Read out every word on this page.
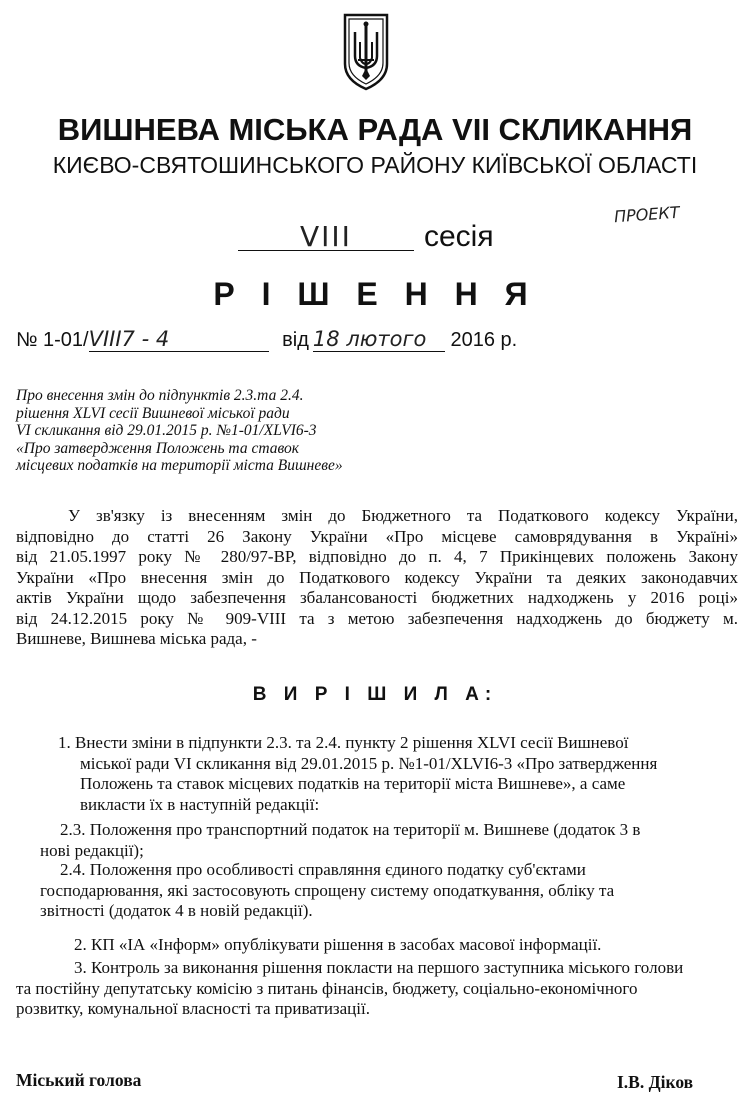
ВИШНЕВА МІСЬКА РАДА VII СКЛИКАННЯ
КИЄВО-СВЯТОШИНСЬКОГО РАЙОНУ КИЇВСЬКОЇ ОБЛАСТІ
ПРОЕКТ
VIII сесія
Р І Ш Е Н Н Я
№ 1-01/VIII7 - 4	від 18 лютого 2016 р.
Про внесення змін до підпунктів 2.3.та 2.4.
рішення XLVI сесії Вишневої міської ради
VI скликання від 29.01.2015 р. №1-01/XLVI6-3
«Про затвердження Положень та ставок
місцевих податків на території міста Вишневе»
У зв'язку із внесенням змін до Бюджетного та Податкового кодексу України,
відповідно до статті 26 Закону України «Про місцеве самоврядування в Україні»
від 21.05.1997 року № 280/97-ВР, відповідно до п. 4, 7 Прикінцевих положень Закону
України «Про внесення змін до Податкового кодексу України та деяких законодавчих
актів України щодо забезпечення збалансованості бюджетних надходжень у 2016 році»
від 24.12.2015 року № 909-VIII та з метою забезпечення надходжень до бюджету м.
Вишневе, Вишнева міська рада, -
В И Р І Ш И Л А:
1. Внести зміни в підпункти 2.3. та 2.4. пункту 2 рішення XLVI сесії Вишневої
міської ради VI скликання від 29.01.2015 р. №1-01/XLVI6-3 «Про затвердження
Положень та ставок місцевих податків на території міста Вишневе», а саме
викласти їх в наступній редакції:
2.3. Положення про транспортний податок на території м. Вишневе (додаток 3 в
нові редакції);
2.4. Положення про особливості справляння єдиного податку суб'єктами
господарювання, які застосовують спрощену систему оподаткування, обліку та
звітності (додаток 4 в новій редакції).
2. КП «ІА «Інформ» опублікувати рішення в засобах масової інформації.
3. Контроль за виконання рішення покласти на першого заступника міського голови
та постійну депутатську комісію з питань фінансів, бюджету, соціально-економічного
розвитку, комунальної власності та приватизації.
Міський голова	І.В. Діков
